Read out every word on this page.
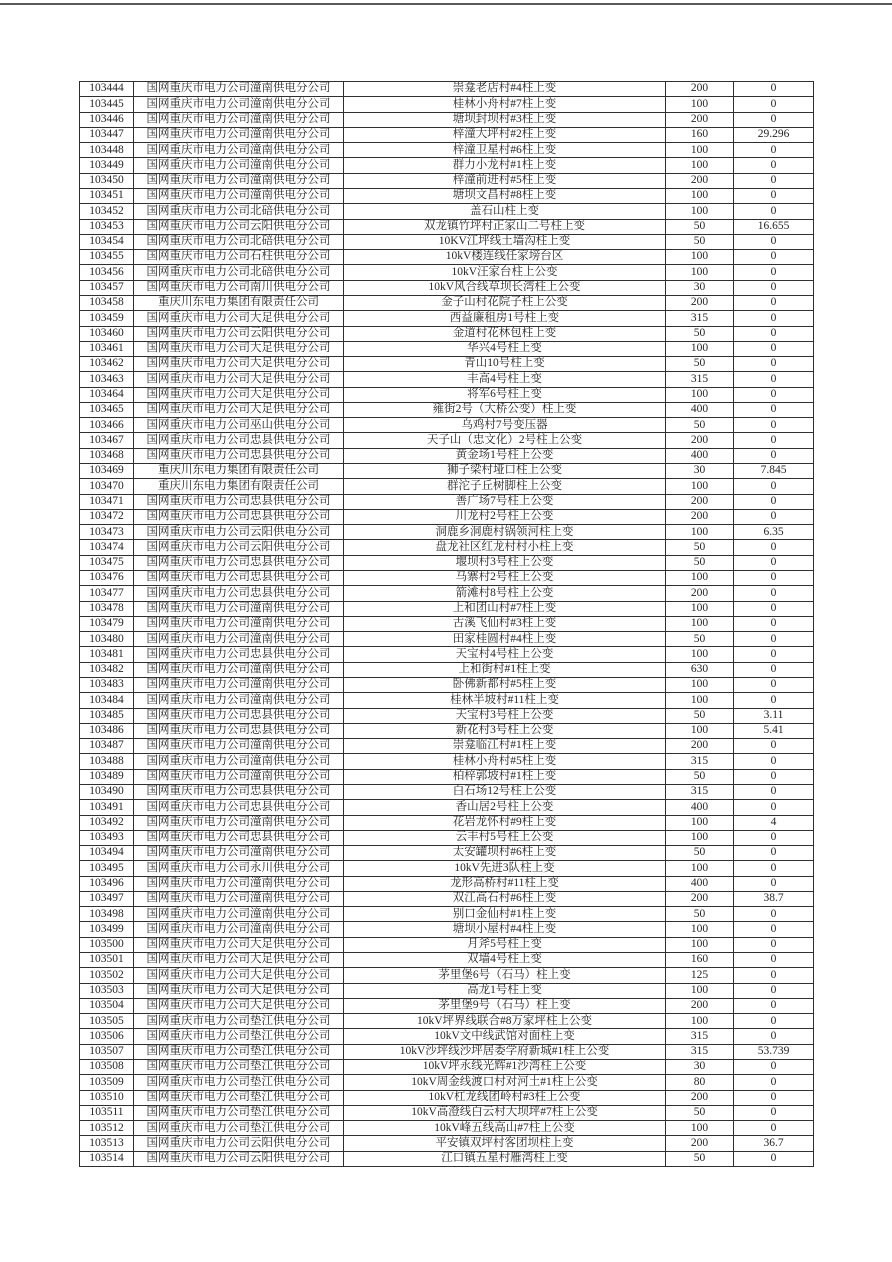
103444	国网重庆市电力公司潼南供电分公司	崇龛老店村#4柱上变	200	0
103445	国网重庆市电力公司潼南供电分公司	桂林小舟村#7柱上变	100	0
103446	国网重庆市电力公司潼南供电分公司	塘坝封坝村#3柱上变	200	0
103447	国网重庆市电力公司潼南供电分公司	梓潼大坪村#2柱上变	160	29.296
103448	国网重庆市电力公司潼南供电分公司	梓潼卫星村#6柱上变	100	0
103449	国网重庆市电力公司潼南供电分公司	群力小龙村#1柱上变	100	0
103450	国网重庆市电力公司潼南供电分公司	梓潼前进村#5柱上变	200	0
103451	国网重庆市电力公司潼南供电分公司	塘坝文昌村#8柱上变	100	0
103452	国网重庆市电力公司北碚供电分公司	盖石山柱上变	100	0
103453	国网重庆市电力公司云阳供电分公司	双龙镇竹坪村正家山二号柱上变	50	16.655
103454	国网重庆市电力公司北碚供电分公司	10KV江坪线土墙沟柱上变	50	0
103455	国网重庆市电力公司石柱供电分公司	10kV楼连线任家塝台区	100	0
103456	国网重庆市电力公司北碚供电分公司	10kV汪家台柱上公变	100	0
103457	国网重庆市电力公司南川供电分公司	10kV风合线草坝长湾柱上公变	30	0
103458	重庆川东电力集团有限责任公司	金子山村花院子柱上公变	200	0
103459	国网重庆市电力公司大足供电分公司	西益廉租房1号柱上变	315	0
103460	国网重庆市电力公司云阳供电分公司	金道村花林包柱上变	50	0
103461	国网重庆市电力公司大足供电分公司	华兴4号柱上变	100	0
103462	国网重庆市电力公司大足供电分公司	青山10号柱上变	50	0
103463	国网重庆市电力公司大足供电分公司	丰高4号柱上变	315	0
103464	国网重庆市电力公司大足供电分公司	将军6号柱上变	100	0
103465	国网重庆市电力公司大足供电分公司	雍街2号（大桥公变）柱上变	400	0
103466	国网重庆市电力公司巫山供电分公司	乌鸡村7号变压器	50	0
103467	国网重庆市电力公司忠县供电分公司	天子山（忠文化）2号柱上公变	200	0
103468	国网重庆市电力公司忠县供电分公司	黄金场1号柱上公变	400	0
103469	重庆川东电力集团有限责任公司	狮子梁村垭口柱上公变	30	7.845
103470	重庆川东电力集团有限责任公司	群沱子丘树脚柱上公变	100	0
103471	国网重庆市电力公司忠县供电分公司	善广场7号柱上公变	200	0
103472	国网重庆市电力公司忠县供电分公司	川龙村2号柱上公变	200	0
103473	国网重庆市电力公司云阳供电分公司	洞鹿乡洞鹿村锅领河柱上变	100	6.35
103474	国网重庆市电力公司云阳供电分公司	盘龙社区红龙村村小柱上变	50	0
103475	国网重庆市电力公司忠县供电分公司	堰坝村3号柱上公变	50	0
103476	国网重庆市电力公司忠县供电分公司	马寨村2号柱上公变	100	0
103477	国网重庆市电力公司忠县供电分公司	箭滩村8号柱上公变	200	0
103478	国网重庆市电力公司潼南供电分公司	上和团山村#7柱上变	100	0
103479	国网重庆市电力公司潼南供电分公司	古溪飞仙村#3柱上变	100	0
103480	国网重庆市电力公司潼南供电分公司	田家桂圆村#4柱上变	50	0
103481	国网重庆市电力公司忠县供电分公司	天宝村4号柱上公变	100	0
103482	国网重庆市电力公司潼南供电分公司	上和街村#1柱上变	630	0
103483	国网重庆市电力公司潼南供电分公司	卧佛新都村#5柱上变	100	0
103484	国网重庆市电力公司潼南供电分公司	桂林半坡村#11柱上变	100	0
103485	国网重庆市电力公司忠县供电分公司	天宝村3号柱上公变	50	3.11
103486	国网重庆市电力公司忠县供电分公司	新花村3号柱上公变	100	5.41
103487	国网重庆市电力公司潼南供电分公司	崇龛临江村#1柱上变	200	0
103488	国网重庆市电力公司潼南供电分公司	桂林小舟村#5柱上变	315	0
103489	国网重庆市电力公司潼南供电分公司	柏梓郭坡村#1柱上变	50	0
103490	国网重庆市电力公司忠县供电分公司	白石场12号柱上公变	315	0
103491	国网重庆市电力公司忠县供电分公司	香山居2号柱上公变	400	0
103492	国网重庆市电力公司潼南供电分公司	花岩龙怀村#9柱上变	100	4
103493	国网重庆市电力公司忠县供电分公司	云丰村5号柱上公变	100	0
103494	国网重庆市电力公司潼南供电分公司	太安罐坝村#6柱上变	50	0
103495	国网重庆市电力公司永川供电分公司	10kV先进3队柱上变	100	0
103496	国网重庆市电力公司潼南供电分公司	龙形高桥村#11柱上变	400	0
103497	国网重庆市电力公司潼南供电分公司	双江高石村#6柱上变	200	38.7
103498	国网重庆市电力公司潼南供电分公司	别口金仙村#1柱上变	50	0
103499	国网重庆市电力公司潼南供电分公司	塘坝小屋村#4柱上变	100	0
103500	国网重庆市电力公司大足供电分公司	月斧5号柱上变	100	0
103501	国网重庆市电力公司大足供电分公司	双墙4号柱上变	160	0
103502	国网重庆市电力公司大足供电分公司	茅里堡6号（石马）柱上变	125	0
103503	国网重庆市电力公司大足供电分公司	高龙1号柱上变	100	0
103504	国网重庆市电力公司大足供电分公司	茅里堡9号（石马）柱上变	200	0
103505	国网重庆市电力公司垫江供电分公司	10kV坪界线联合#8万家坪柱上公变	100	0
103506	国网重庆市电力公司垫江供电分公司	10kV文中线武馆对面柱上变	315	0
103507	国网重庆市电力公司垫江供电分公司	10kV沙坪线沙坪居委学府新城#1柱上公变	315	53.739
103508	国网重庆市电力公司垫江供电分公司	10kV坪永线光辉#1沙湾柱上公变	30	0
103509	国网重庆市电力公司垫江供电分公司	10kV周金线渡口村对河土#1柱上公变	80	0
103510	国网重庆市电力公司垫江供电分公司	10kV杠龙线团岭村#3柱上公变	200	0
103511	国网重庆市电力公司垫江供电分公司	10kV高澄线白云村大坝坪#7柱上公变	50	0
103512	国网重庆市电力公司垫江供电分公司	10kV峰五线高山#7柱上公变	100	0
103513	国网重庆市电力公司云阳供电分公司	平安镇双坪村客团坝柱上变	200	36.7
103514	国网重庆市电力公司云阳供电分公司	江口镇五星村雁湾柱上变	50	0
